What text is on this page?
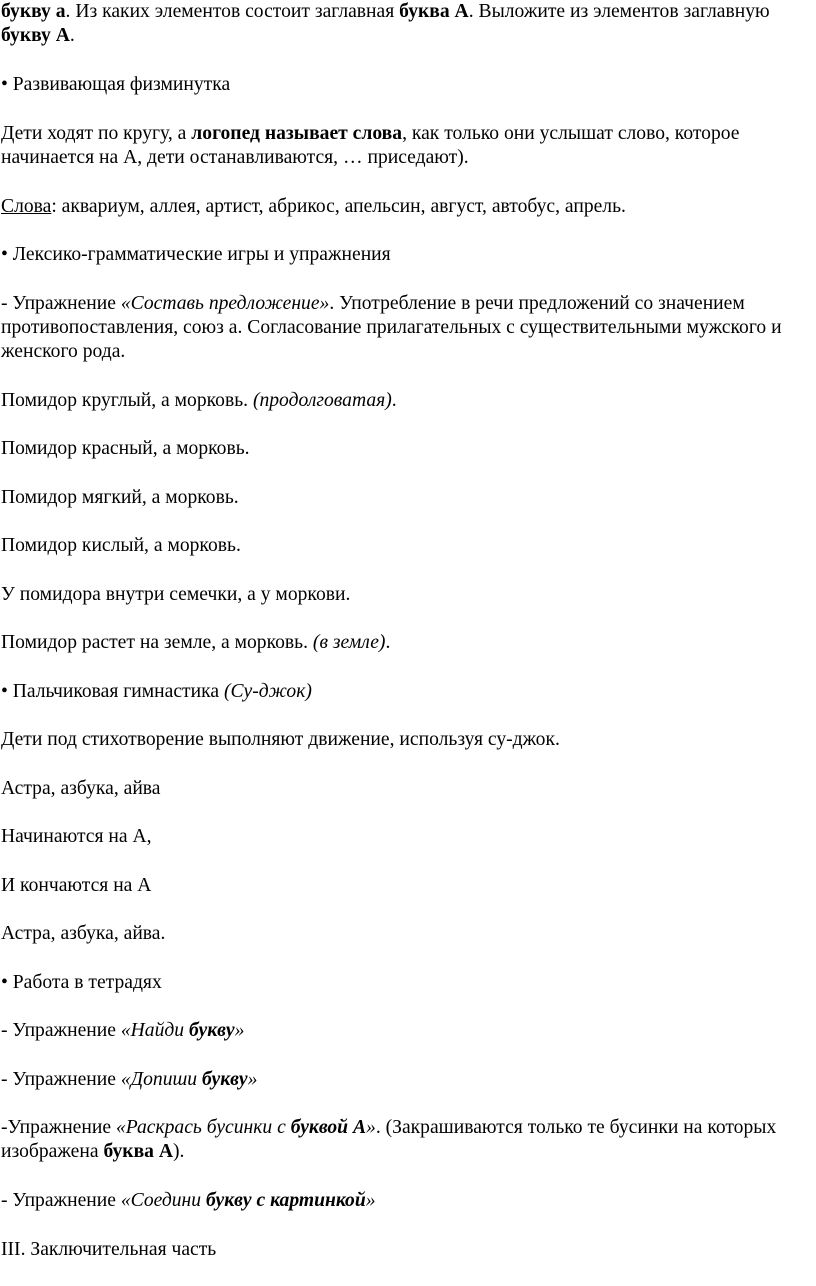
букву а. Из каких элементов состоит заглавная буква А. Выложите из элементов заглавную букву А.

• Развивающая физминутка

Дети ходят по кругу, а логопед называет слова, как только они услышат слово, которое начинается на А, дети останавливаются, … приседают).

Слова: аквариум, аллея, артист, абрикос, апельсин, август, автобус, апрель.

• Лексико-грамматические игры и упражнения

- Упражнение «Составь предложение». Употребление в речи предложений со значением противопоставления, союз а. Согласование прилагательных с существительными мужского и женского рода.

Помидор круглый, а морковь. (продолговатая).

Помидор красный, а морковь.

Помидор мягкий, а морковь.

Помидор кислый, а морковь.

У помидора внутри семечки, а у моркови.

Помидор растет на земле, а морковь. (в земле).

• Пальчиковая гимнастика (Су-джок)

Дети под стихотворение выполняют движение, используя су-джок.

Астра, азбука, айва

Начинаются на А,

И кончаются на А

Астра, азбука, айва.

• Работа в тетрадях

- Упражнение «Найди букву»

- Упражнение «Допиши букву»

-Упражнение «Раскрась бусинки с буквой А». (Закрашиваются только те бусинки на которых изображена буква А).

- Упражнение «Соедини букву с картинкой»

III. Заключительная часть
